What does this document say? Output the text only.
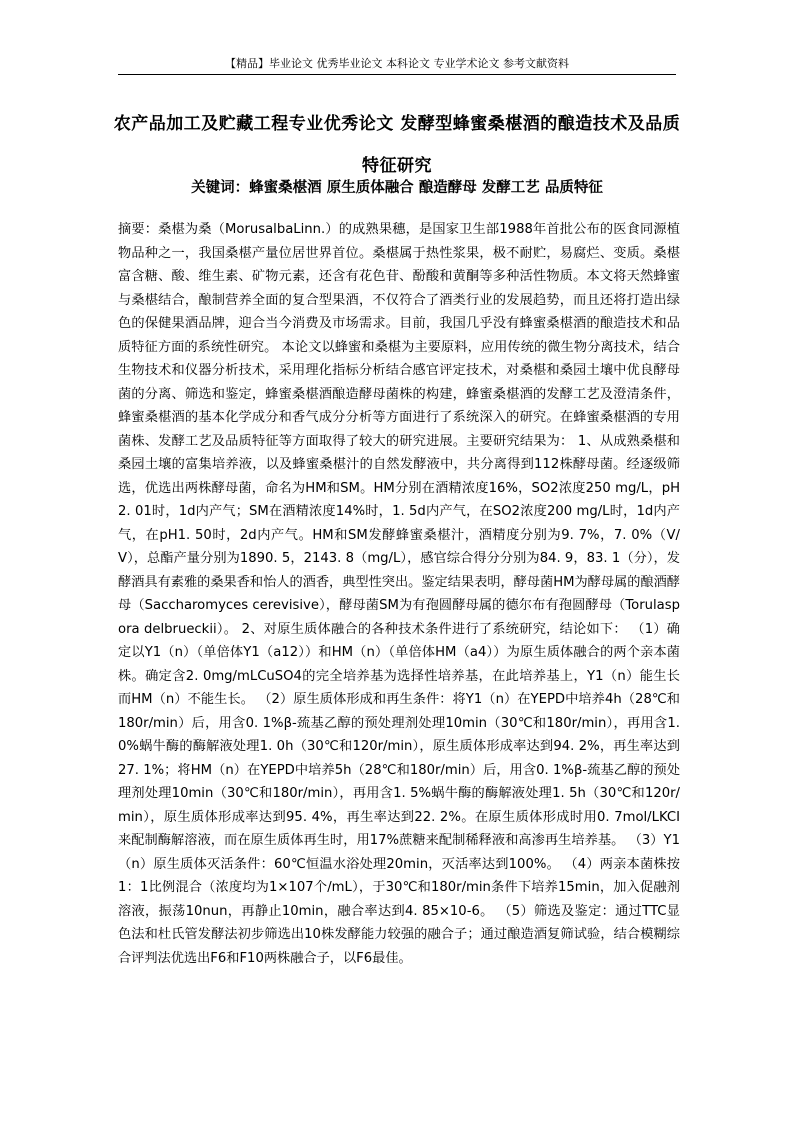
【精品】毕业论文 优秀毕业论文 本科论文 专业学术论文 参考文献资料
农产品加工及贮藏工程专业优秀论文 发酵型蜂蜜桑椹酒的酿造技术及品质特征研究
关键词：蜂蜜桑椹酒 原生质体融合 酿造酵母 发酵工艺 品质特征
摘要：桑椹为桑（MorusalbaLinn.）的成熟果穗，是国家卫生部1988年首批公布的医食同源植物品种之一，我国桑椹产量位居世界首位。桑椹属于热性浆果，极不耐贮，易腐烂、变质。桑椹富含糖、酸、维生素、矿物元素，还含有花色苷、酚酸和黄酮等多种活性物质。本文将天然蜂蜜与桑椹结合，酿制营养全面的复合型果酒，不仅符合了酒类行业的发展趋势，而且还将打造出绿色的保健果酒品牌，迎合当今消费及市场需求。目前，我国几乎没有蜂蜜桑椹酒的酿造技术和品质特征方面的系统性研究。 本论文以蜂蜜和桑椹为主要原料，应用传统的微生物分离技术，结合生物技术和仪器分析技术，采用理化指标分析结合感官评定技术，对桑椹和桑园土壤中优良酵母菌的分离、筛选和鉴定，蜂蜜桑椹酒酿造酵母菌株的构建，蜂蜜桑椹酒的发酵工艺及澄清条件，蜂蜜桑椹酒的基本化学成分和香气成分分析等方面进行了系统深入的研究。在蜂蜜桑椹酒的专用菌株、发酵工艺及品质特征等方面取得了较大的研究进展。主要研究结果为： 1、从成熟桑椹和桑园土壤的富集培养液，以及蜂蜜桑椹汁的自然发酵液中，共分离得到112株酵母菌。经逐级筛选，优选出两株酵母菌，命名为HM和SM。HM分别在酒精浓度16%，SO2浓度250 mg/L，pH2. 01时，1d内产气；SM在酒精浓度14%时，1. 5d内产气，在SO2浓度200 mg/L时，1d内产气，在pH1. 50时，2d内产气。HM和SM发酵蜂蜜桑椹汁，酒精度分别为9. 7%，7. 0%（V/V），总酯产量分别为1890. 5，2143. 8（mg/L），感官综合得分分别为84. 9，83. 1（分），发酵酒具有素雅的桑果香和怡人的酒香，典型性突出。鉴定结果表明，酵母菌HM为酵母属的酿酒酵母（Saccharomyces cerevisive），酵母菌SM为有孢圆酵母属的德尔布有孢圆酵母（Torulaspora delbrueckii）。 2、对原生质体融合的各种技术条件进行了系统研究，结论如下： （1）确定以Y1（n）（单倍体Y1（a12））和HM（n）（单倍体HM（a4））为原生质体融合的两个亲本菌株。确定含2. 0mg/mLCuSO4的完全培养基为选择性培养基，在此培养基上，Y1（n）能生长而HM（n）不能生长。 （2）原生质体形成和再生条件：将Y1（n）在YEPD中培养4h（28℃和180r/min）后，用含0. 1%β-巯基乙醇的预处理剂处理10min（30℃和180r/min），再用含1. 0%蜗牛酶的酶解液处理1. 0h（30℃和120r/min），原生质体形成率达到94. 2%，再生率达到27. 1%；将HM（n）在YEPD中培养5h（28℃和180r/min）后，用含0. 1%β-巯基乙醇的预处理剂处理10min（30℃和180r/min），再用含1. 5%蜗牛酶的酶解液处理1. 5h（30℃和120r/min），原生质体形成率达到95. 4%，再生率达到22. 2%。在原生质体形成时用0. 7mol/LKCI来配制酶解溶液，而在原生质体再生时，用17%蔗糖来配制稀释液和高渗再生培养基。 （3）Y1（n）原生质体灭活条件：60℃恒温水浴处理20min，灭活率达到100%。 （4）两亲本菌株按1：1比例混合（浓度均为1×107个/mL），于30℃和180r/min条件下培养15min，加入促融剂溶液，振荡10nun，再静止10min，融合率达到4. 85×10-6。 （5）筛选及鉴定：通过TTC显色法和杜氏管发酵法初步筛选出10株发酵能力较强的融合子；通过酿造酒复筛试验，结合模糊综合评判法优选出F6和F10两株融合子，以F6最佳。
